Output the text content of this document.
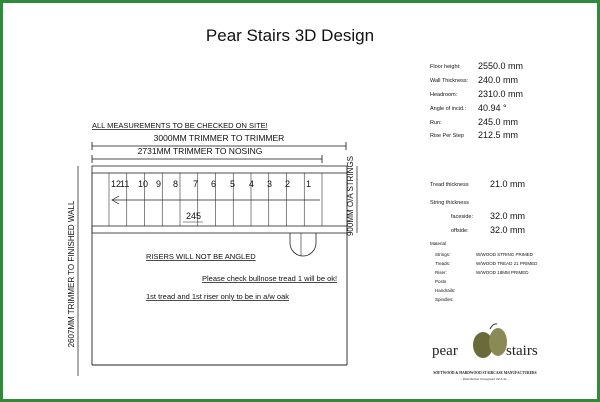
Pear Stairs 3D Design
Floor height: 2550.0 mm
Wall Thickness: 240.0 mm
Headroom: 2310.0 mm
Angle of incid.: 40.94 °
Run:	245.0 mm
Rise Per Step 212.5 mm
Tread thickness 21.0 mm
String thickness
faceside: 32.0 mm
offside: 32.0 mm
Material
Strings:	W/WOOD STRING PRIMED
Treads:	W/WOOD TREAD 21 PRIMED
Riser:	W/WOOD 18MM PRIMED
Posts
Handrails:
Spindles:
ALL MEASUREMENTS TO BE CHECKED ON SITE!
3000MM TRIMMER TO TRIMMER
2731MM TRIMMER TO NOSING
12
11 10 9 8 7 6 5 4 3 2 1
245	900MM O/A STRINGS
2607MM TRIMMER TO FINISHED WALL	RISERS WILL NOT BE ANGLED
Please check bullnose tread 1 will be ok!
1st tread and 1st riser only to be in a/w oak
pear	stairs
SOFTWOOD & HARDWOOD STAIRCASE MANUFACTURERS
- Distribution throughout the U.K. -
